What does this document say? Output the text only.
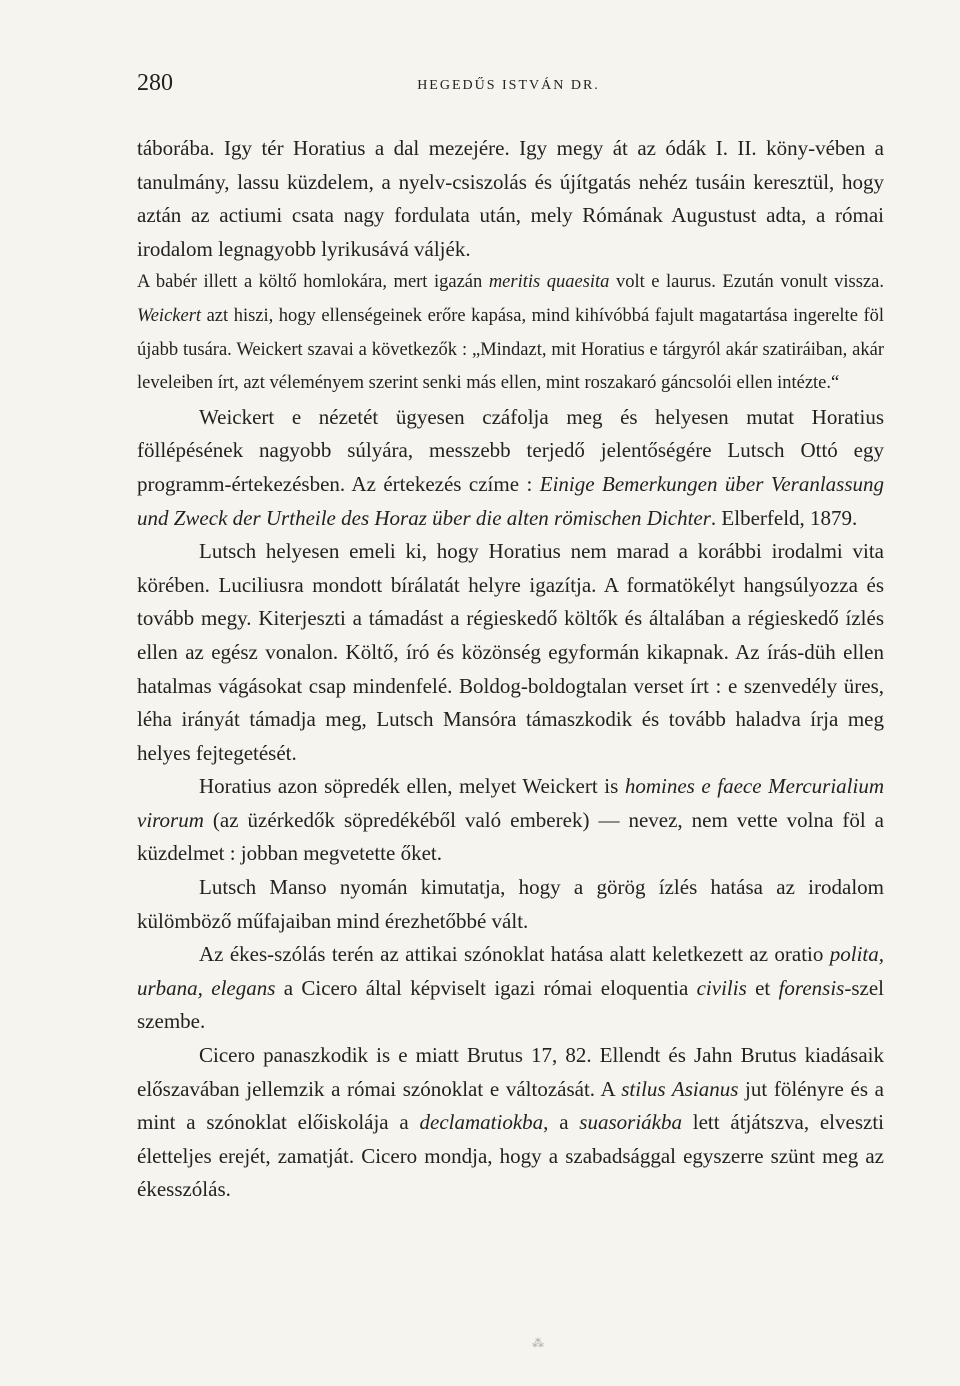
280	HEGEDŰS ISTVÁN DR.

táborába. Igy tér Horatius a dal mezejére. Igy megy át az ódák I. II. köny-vében a tanulmány, lassu küzdelem, a nyelv-csiszolás és újítgatás nehéz tusáin keresztül, hogy aztán az actiumi csata nagy fordulata után, mely Rómának Augustust adta, a római irodalom legnagyobb lyrikusává váljék.

A babér illett a költő homlokára, mert igazán meritis quaesita volt e laurus. Ezután vonult vissza. Weickert azt hiszi, hogy ellenségeinek erőre kapása, mind kihívóbbá fajult magatartása ingerelte föl újabb tusára. Weickert szavai a következők : „Mindazt, mit Horatius e tárgyról akár szatiráiban, akár leveleiben írt, azt véleményem szerint senki más ellen, mint roszakaró gáncsolói ellen intézte.“

Weickert e nézetét ügyesen czáfolja meg és helyesen mutat Horatius föllépésének nagyobb súlyára, messzebb terjedő jelentőségére Lutsch Ottó egy programm-értekezésben. Az értekezés czíme : Einige Bemerkungen über Veranlassung und Zweck der Urtheile des Horaz über die alten römischen Dichter. Elberfeld, 1879.

Lutsch helyesen emeli ki, hogy Horatius nem marad a korábbi irodalmi vita körében. Luciliusra mondott bírálatát helyre igazítja. A formatökélyt hangsúlyozza és tovább megy. Kiterjeszti a támadást a régieskedő költők és általában a régieskedő ízlés ellen az egész vonalon. Költő, író és közönség egyformán kikapnak. Az írás-düh ellen hatalmas vágásokat csap mindenfelé. Boldog-boldogtalan verset írt : e szenvedély üres, léha irányát támadja meg, Lutsch Mansóra támaszkodik és tovább haladva írja meg helyes fejtegetését.

Horatius azon söpredék ellen, melyet Weickert is homines e faece Mercurialium virorum (az üzérkedők söpredékéből való emberek) — nevez, nem vette volna föl a küzdelmet : jobban megvetette őket.

Lutsch Manso nyomán kimutatja, hogy a görög ízlés hatása az irodalom külömböző műfajaiban mind érezhetőbbé vált.

Az ékes-szólás terén az attikai szónoklat hatása alatt keletkezett az oratio polita, urbana, elegans a Cicero által képviselt igazi római eloquentia civilis et forensis-szel szembe.

Cicero panaszkodik is e miatt Brutus 17, 82. Ellendt és Jahn Brutus kiadásaik előszavában jellemzik a római szónoklat e változását. A stilus Asianus jut fölényre és a mint a szónoklat előiskolája a declamatiokba, a suasoriákba lett átjátszva, elveszti életteljes erejét, zamatját. Cicero mondja, hogy a szabadsággal egyszerre szünt meg az ékesszólás.

⁂
